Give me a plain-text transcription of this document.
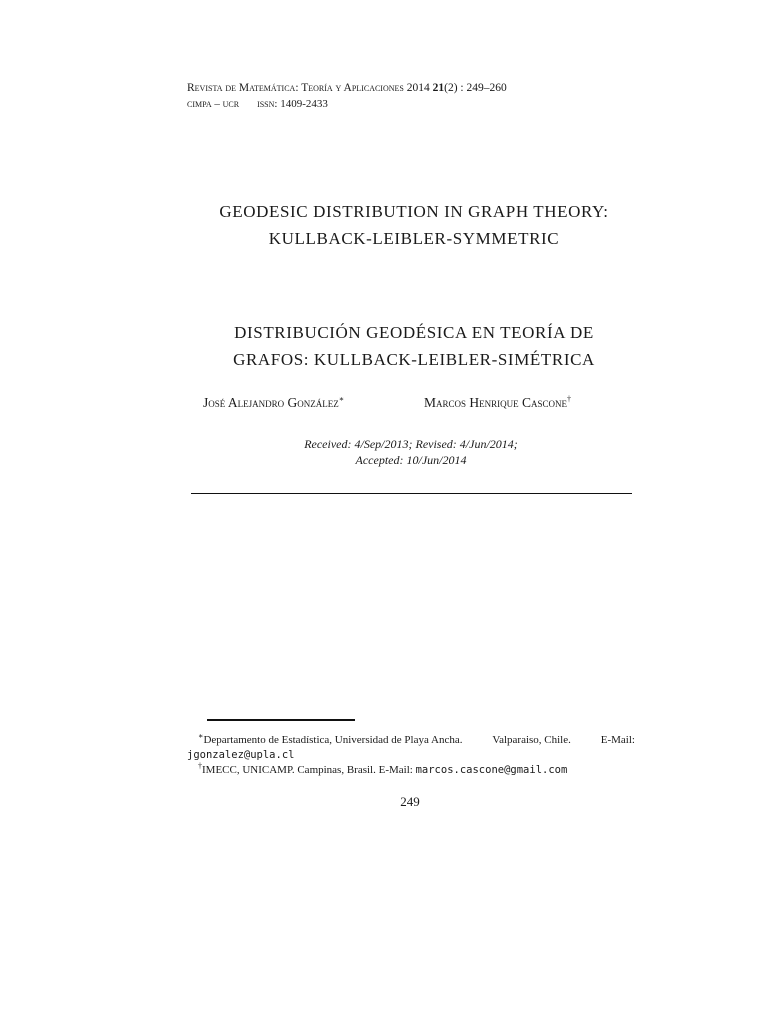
Revista de Matemática: Teoría y Aplicaciones 2014 21(2) : 249–260
cimpa – ucr issn: 1409-2433
GEODESIC DISTRIBUTION IN GRAPH THEORY:
KULLBACK-LEIBLER-SYMMETRIC
DISTRIBUCIÓN GEODÉSICA EN TEORÍA DE
GRAFOS: KULLBACK-LEIBLER-SIMÉTRICA
José Alejandro González∗	Marcos Henrique Cascone†
Received: 4/Sep/2013; Revised: 4/Jun/2014;
Accepted: 10/Jun/2014
∗Departamento de Estadística, Universidad de Playa Ancha.	Valparaiso, Chile.	E-Mail:
jgonzalez@upla.cl
†IMECC, UNICAMP. Campinas, Brasil. E-Mail: marcos.cascone@gmail.com
249
